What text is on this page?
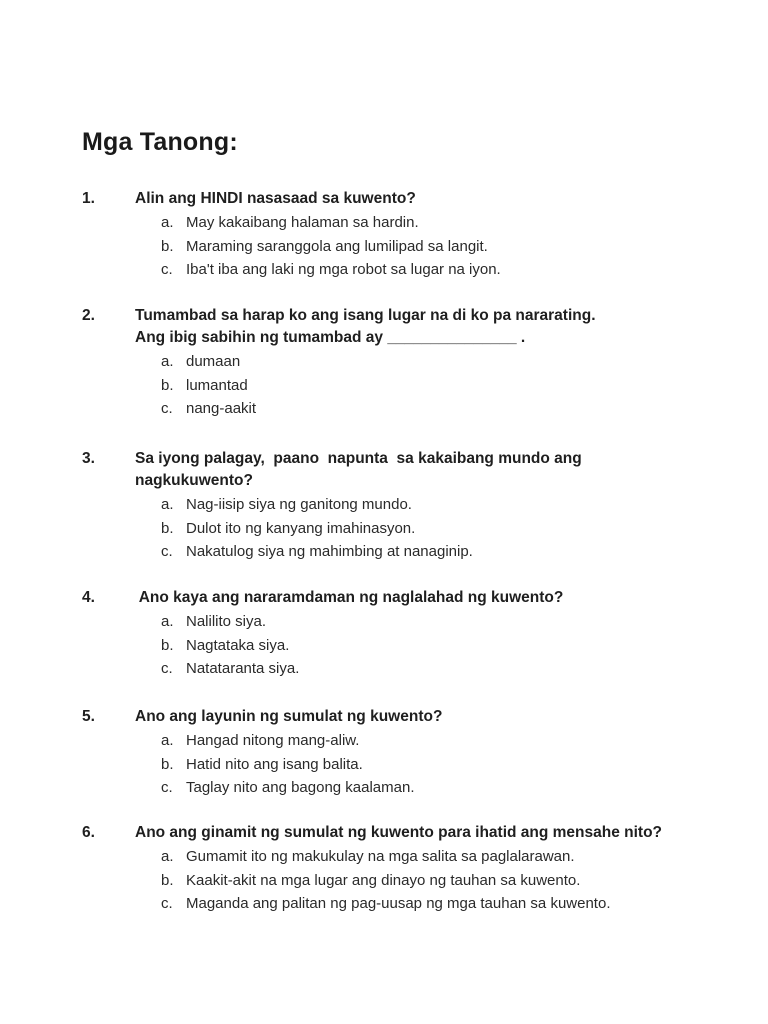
Mga Tanong:
1.	Alin ang HINDI nasasaad sa kuwento?
a. May kakaibang halaman sa hardin.
b. Maraming saranggola ang lumilipad sa langit.
c. Iba't iba ang laki ng mga robot sa lugar na iyon.
2.	Tumambad sa harap ko ang isang lugar na di ko pa nararating.
Ang ibig sabihin ng tumambad ay _______________ .
a. dumaan
b. lumantad
c. nang-aakit
3.	Sa iyong palagay,  paano  napunta  sa kakaibang mundo ang
nagkukuwento?
a. Nag-iisip siya ng ganitong mundo.
b. Dulot ito ng kanyang imahinasyon.
c. Nakatulog siya ng mahimbing at nanaginip.
4.	Ano kaya ang nararamdaman ng naglalahad ng kuwento?
a. Nalilito siya.
b. Nagtataka siya.
c. Natataranta siya.
5.	Ano ang layunin ng sumulat ng kuwento?
a. Hangad nitong mang-aliw.
b. Hatid nito ang isang balita.
c. Taglay nito ang bagong kaalaman.
6.	Ano ang ginamit ng sumulat ng kuwento para ihatid ang mensahe nito?
a. Gumamit ito ng makukulay na mga salita sa paglalarawan.
b. Kaakit-akit na mga lugar ang dinayo ng tauhan sa kuwento.
c. Maganda ang palitan ng pag-uusap ng mga tauhan sa kuwento.
